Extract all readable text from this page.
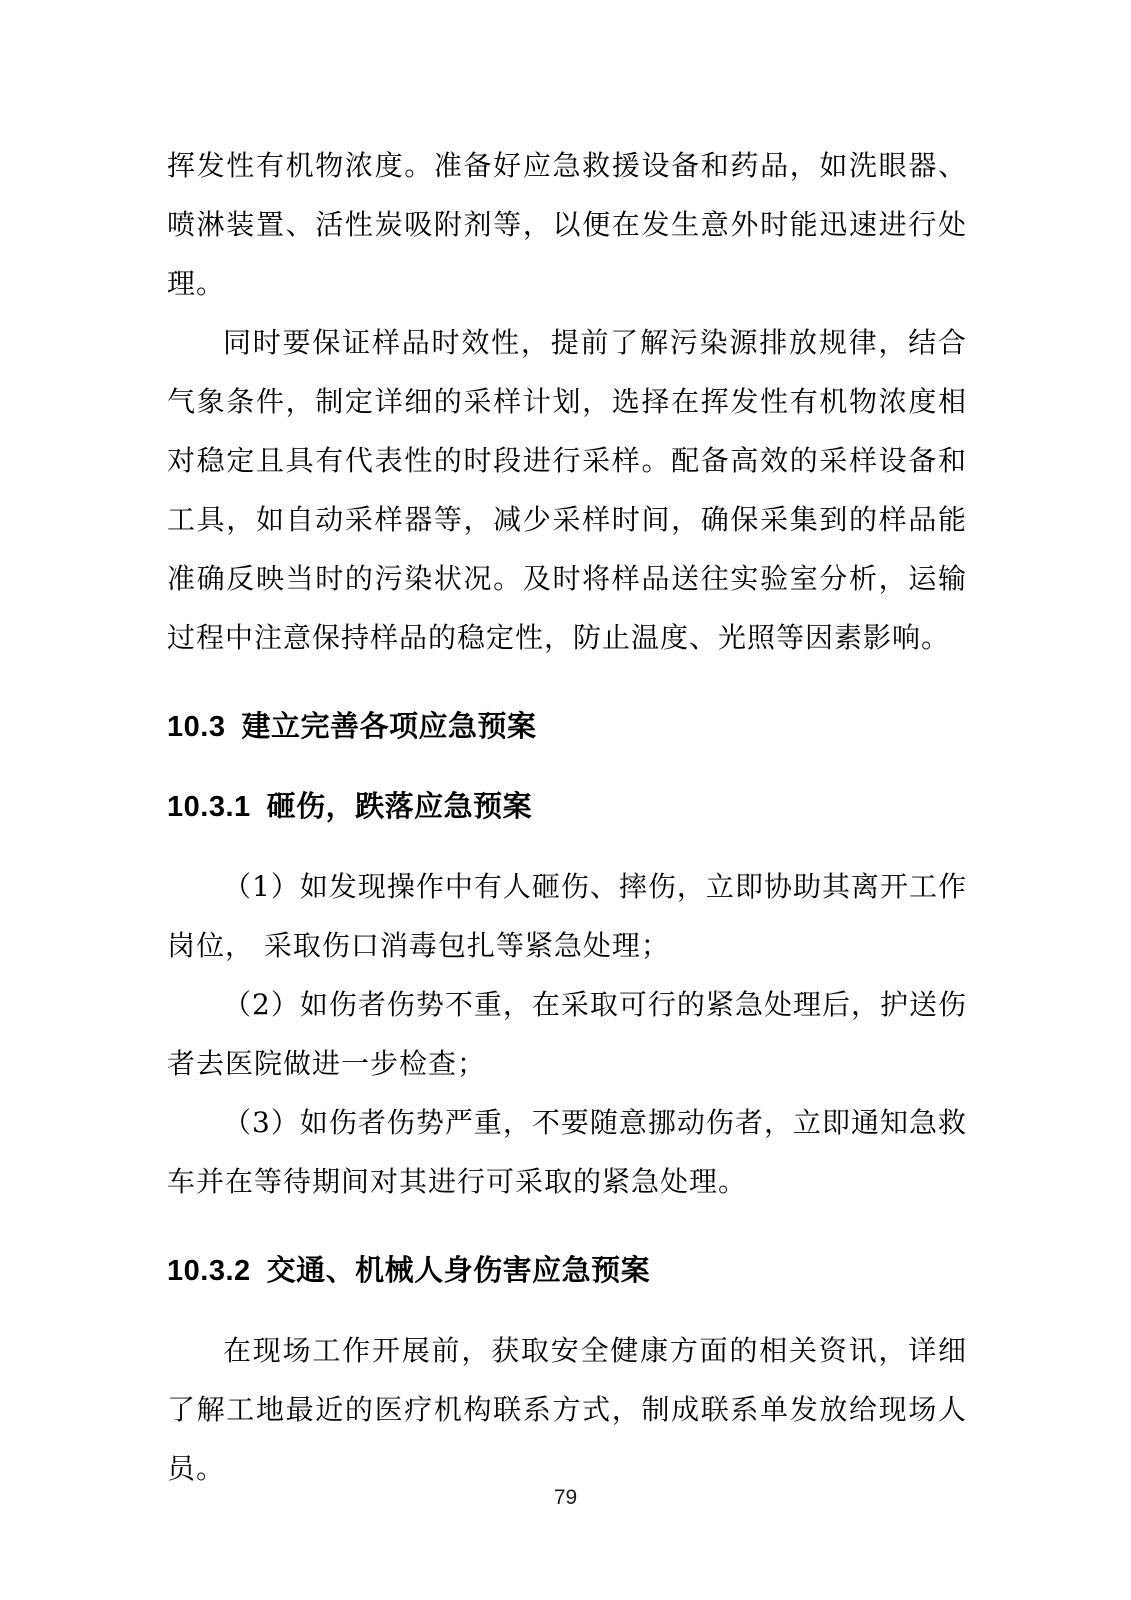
挥发性有机物浓度。准备好应急救援设备和药品，如洗眼器、喷淋装置、活性炭吸附剂等，以便在发生意外时能迅速进行处理。

同时要保证样品时效性，提前了解污染源排放规律，结合气象条件，制定详细的采样计划，选择在挥发性有机物浓度相对稳定且具有代表性的时段进行采样。配备高效的采样设备和工具，如自动采样器等，减少采样时间，确保采集到的样品能准确反映当时的污染状况。及时将样品送往实验室分析，运输过程中注意保持样品的稳定性，防止温度、光照等因素影响。

10.3 建立完善各项应急预案
10.3.1 砸伤，跌落应急预案

（1）如发现操作中有人砸伤、摔伤，立即协助其离开工作岗位， 采取伤口消毒包扎等紧急处理；

（2）如伤者伤势不重，在采取可行的紧急处理后，护送伤者去医院做进一步检查；

（3）如伤者伤势严重，不要随意挪动伤者，立即通知急救车并在等待期间对其进行可采取的紧急处理。

10.3.2 交通、机械人身伤害应急预案

在现场工作开展前，获取安全健康方面的相关资讯，详细了解工地最近的医疗机构联系方式，制成联系单发放给现场人员。

79
